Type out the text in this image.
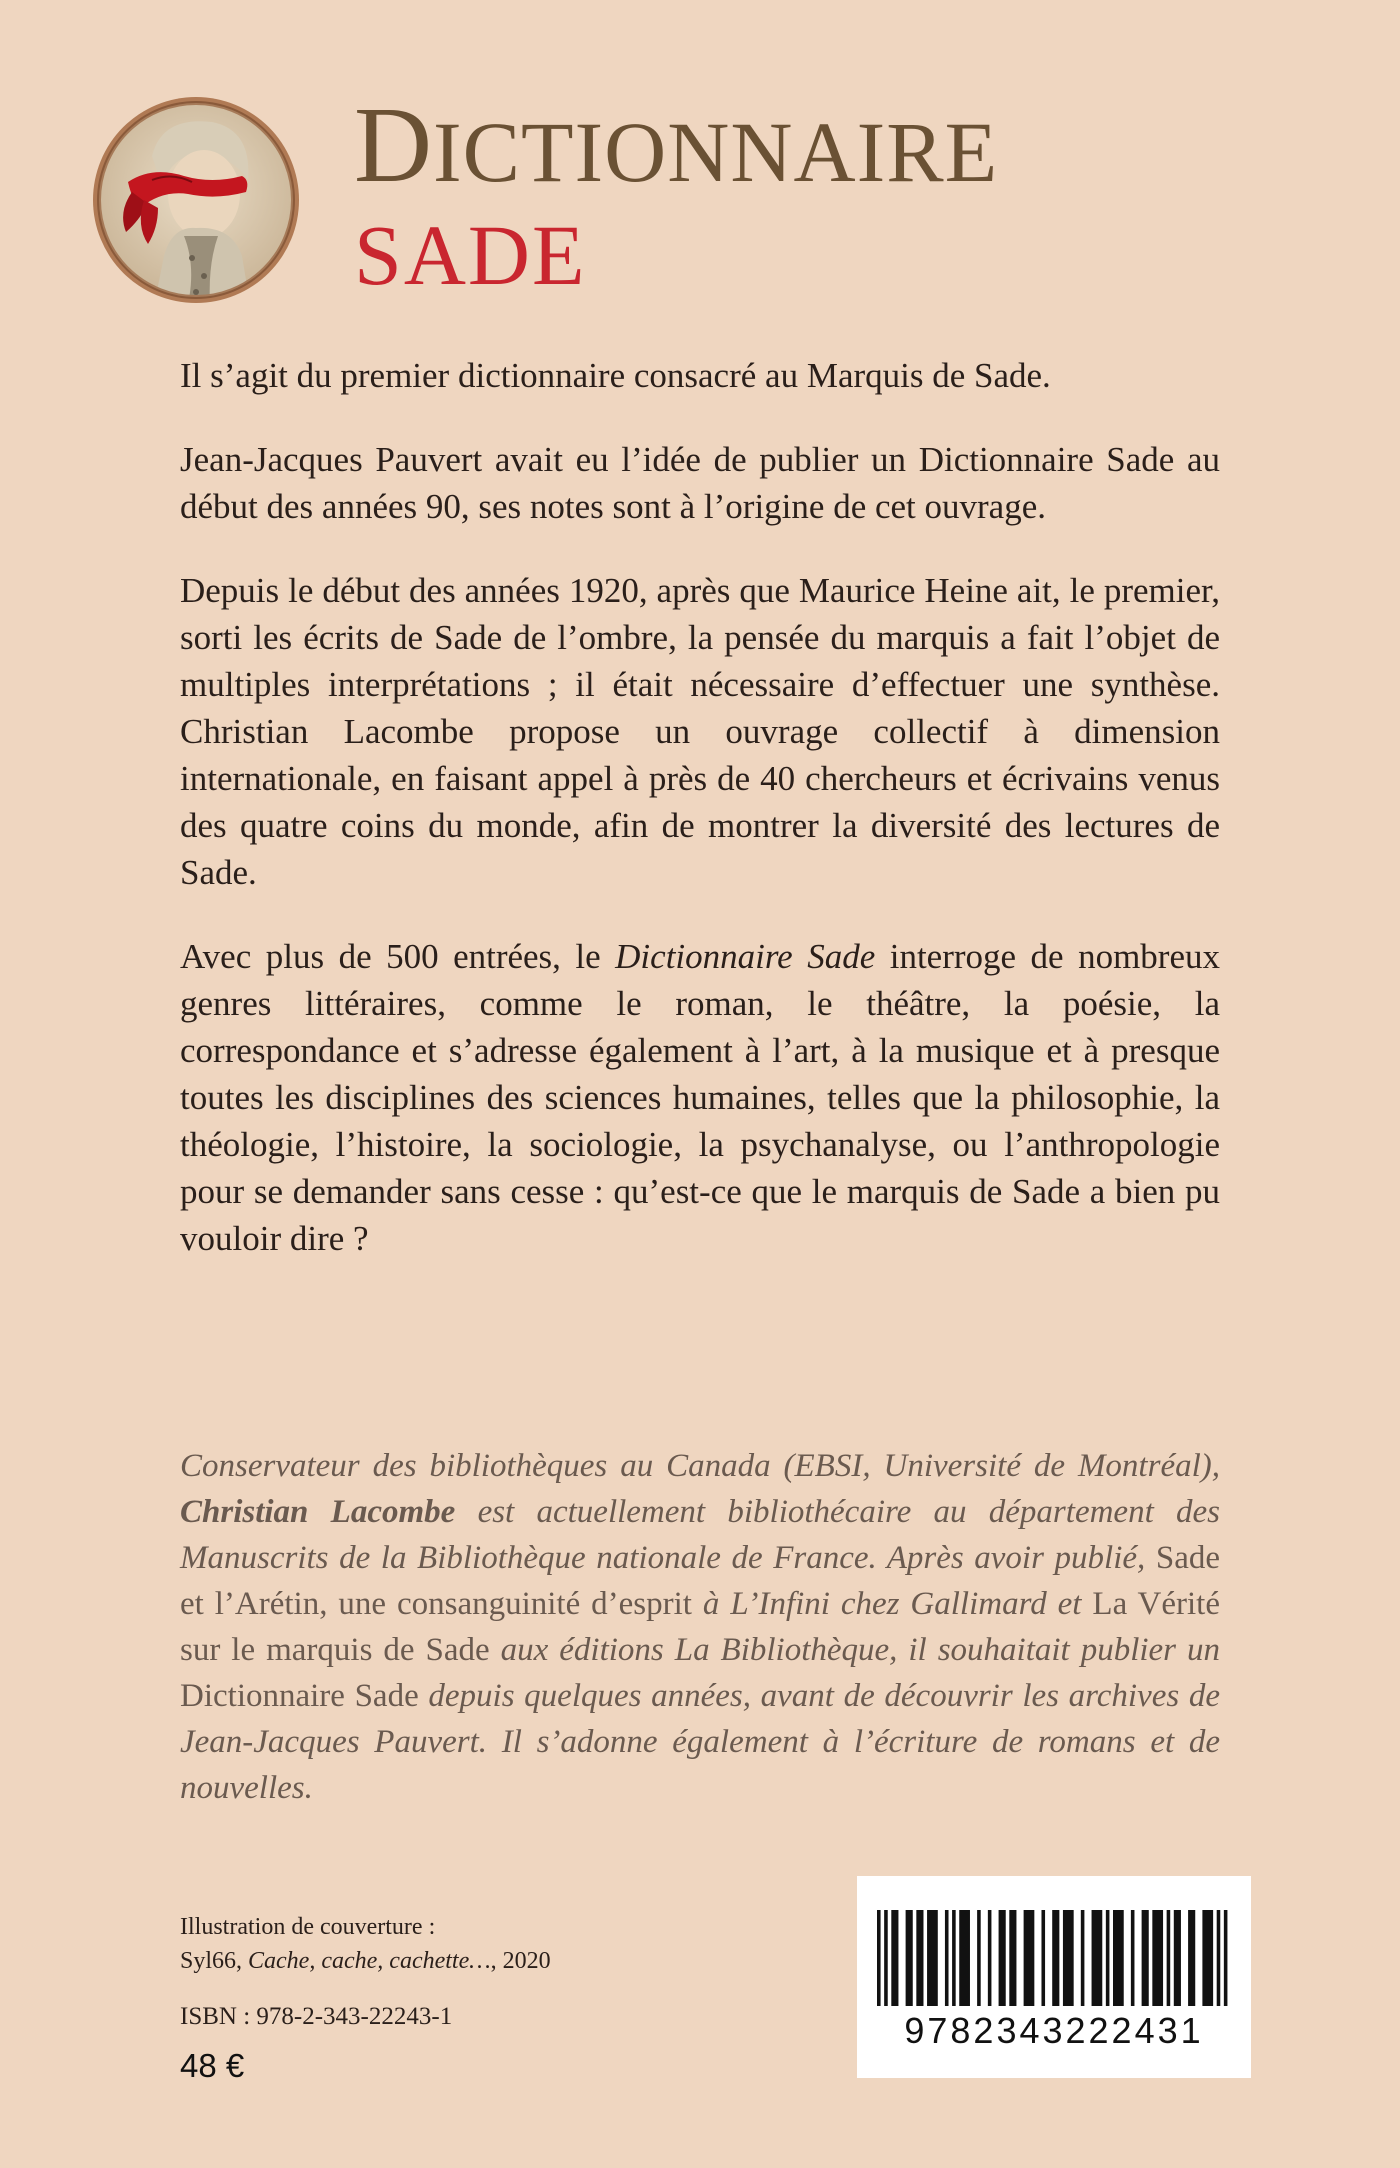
DICTIONNAIRE
SADE

Il s’agit du premier dictionnaire consacré au Marquis de Sade.

Jean-Jacques Pauvert avait eu l’idée de publier un Dictionnaire Sade au début des années 90, ses notes sont à l’origine de cet ouvrage.

Depuis le début des années 1920, après que Maurice Heine ait, le premier, sorti les écrits de Sade de l’ombre, la pensée du marquis a fait l’objet de multiples interprétations ; il était nécessaire d’effectuer une synthèse. Christian Lacombe propose un ouvrage collectif à dimension internationale, en faisant appel à près de 40 chercheurs et écrivains venus des quatre coins du monde, afin de montrer la diversité des lectures de Sade.

Avec plus de 500 entrées, le Dictionnaire Sade interroge de nombreux genres littéraires, comme le roman, le théâtre, la poésie, la correspondance et s’adresse également à l’art, à la musique et à presque toutes les disciplines des sciences humaines, telles que la philosophie, la théologie, l’histoire, la sociologie, la psychanalyse, ou l’anthropologie pour se demander sans cesse : qu’est-ce que le marquis de Sade a bien pu vouloir dire ?

Conservateur des bibliothèques au Canada (EBSI, Université de Montréal), Christian Lacombe est actuellement bibliothécaire au département des Manuscrits de la Bibliothèque nationale de France. Après avoir publié, Sade et l’Arétin, une consanguinité d’esprit à L’Infini chez Gallimard et La Vérité sur le marquis de Sade aux éditions La Bibliothèque, il souhaitait publier un Dictionnaire Sade depuis quelques années, avant de découvrir les archives de Jean-Jacques Pauvert. Il s’adonne également à l’écriture de romans et de nouvelles.
Illustration de couverture :
Syl66, Cache, cache, cachette…, 2020
ISBN : 978-2-343-22243-1
48 €
9782343222431
